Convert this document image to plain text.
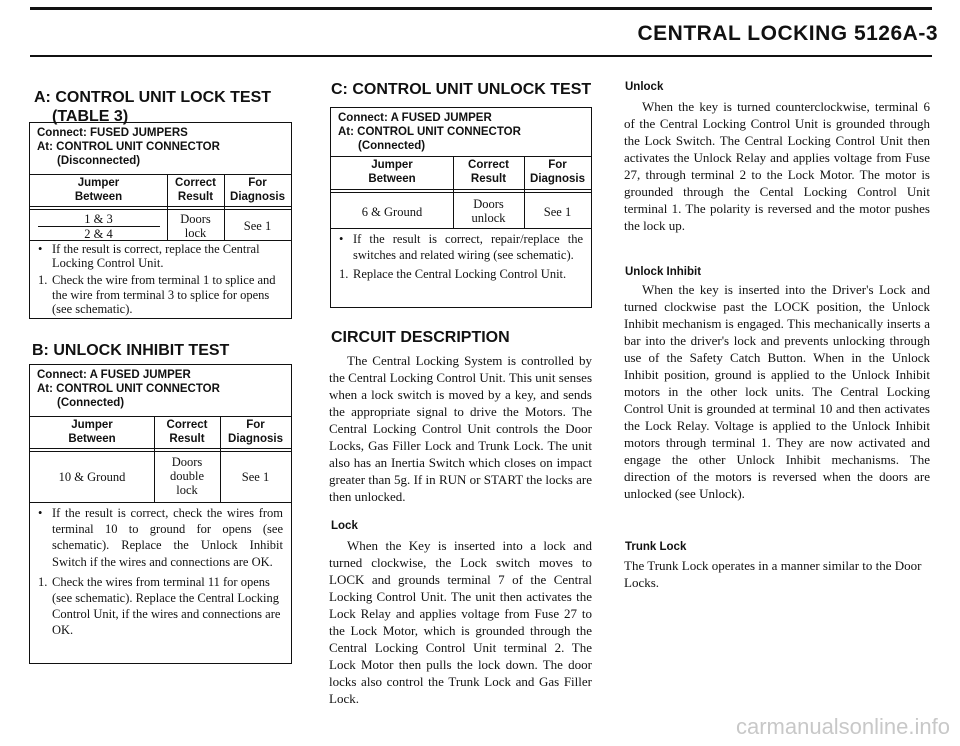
CENTRAL LOCKING 5126A-3
A: CONTROL UNIT LOCK TEST
(TABLE 3)
Connect: FUSED JUMPERS
At: CONTROL UNIT CONNECTOR
(Disconnected)
Jumper
Between
Correct
Result
For
Diagnosis
1 & 3
2 & 4
Doors
lock	See 1
• If the result is correct, replace the Central Locking Control Unit.
1. Check the wire from terminal 1 to splice and the wire from terminal 3 to splice for opens (see schematic).
B: UNLOCK INHIBIT TEST
Connect: A FUSED JUMPER
At: CONTROL UNIT CONNECTOR
(Connected)
Jumper
Between
Correct
Result
For
Diagnosis
10 & Ground
Doors
double
lock
See 1
• If the result is correct, check the wires from terminal 10 to ground for opens (see schematic). Replace the Unlock Inhibit Switch if the wires and connections are OK.
1. Check the wires from terminal 11 for opens (see schematic). Replace the Central Locking Control Unit, if the wires and connections are OK.
C: CONTROL UNIT UNLOCK TEST
Connect: A FUSED JUMPER
At: CONTROL UNIT CONNECTOR
(Connected)
Jumper
Between
Correct
Result
For
Diagnosis
6 & Ground
Doors
unlock	See 1
• If the result is correct, repair/replace the switches and related wiring (see schematic).
1. Replace the Central Locking Control Unit.
CIRCUIT DESCRIPTION

The Central Locking System is controlled by the Central Locking Control Unit. This unit senses when a lock switch is moved by a key, and sends the appropriate signal to drive the Motors. The Central Locking Control Unit controls the Door Locks, Gas Filler Lock and Trunk Lock. The unit also has an Inertia Switch which closes on impact greater than 5g. If in RUN or START the locks are then unlocked.

Lock

When the Key is inserted into a lock and turned clockwise, the Lock switch moves to LOCK and grounds terminal 7 of the Central Locking Control Unit. The unit then activates the Lock Relay and applies voltage from Fuse 27 to the Lock Motor, which is grounded through the Central Locking Control Unit terminal 2. The Lock Motor then pulls the lock down. The door locks also control the Trunk Lock and Gas Filler Lock.

Unlock

When the key is turned counterclockwise, terminal 6 of the Central Locking Control Unit is grounded through the Lock Switch. The Central Locking Control Unit then activates the Unlock Relay and applies voltage from Fuse 27, through terminal 2 to the Lock Motor. The motor is grounded through the Cental Locking Control Unit terminal 1. The polarity is reversed and the motor pushes the lock up.

Unlock Inhibit

When the key is inserted into the Driver's Lock and turned clockwise past the LOCK position, the Unlock Inhibit mechanism is engaged. This mechanically inserts a bar into the driver's lock and prevents unlocking through use of the Safety Catch Button. When in the Unlock Inhibit position, ground is applied to the Unlock Inhibit motors in the other lock units. The Central Locking Control Unit is grounded at terminal 10 and then activates the Lock Relay. Voltage is applied to the Unlock Inhibit motors through terminal 1. They are now activated and engage the other Unlock Inhibit mechanisms. The direction of the motors is reversed when the doors are unlocked (see Unlock).

Trunk Lock

The Trunk Lock operates in a manner similar to the Door Locks.

carmanualsonline.info
